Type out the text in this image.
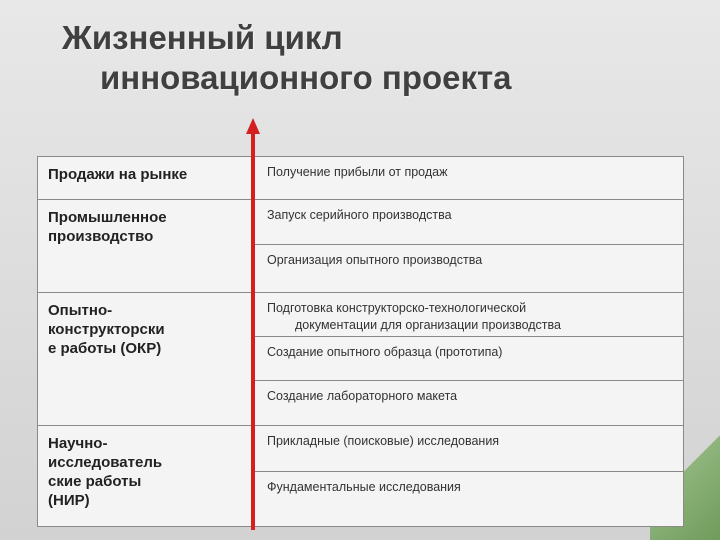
Жизненный цикл
инновационного проекта
Продажи на рынке
Промышленное
производство
Опытно-
конструкторски
е работы (ОКР)
Научно-
исследователь
ские работы
(НИР)
Получение прибыли от продаж
Запуск серийного производства
Организация опытного производства
Подготовка конструкторско-технологической
документации для организации производства
Создание опытного образца (прототипа)
Создание лабораторного макета
Прикладные (поисковые) исследования
Фундаментальные исследования
